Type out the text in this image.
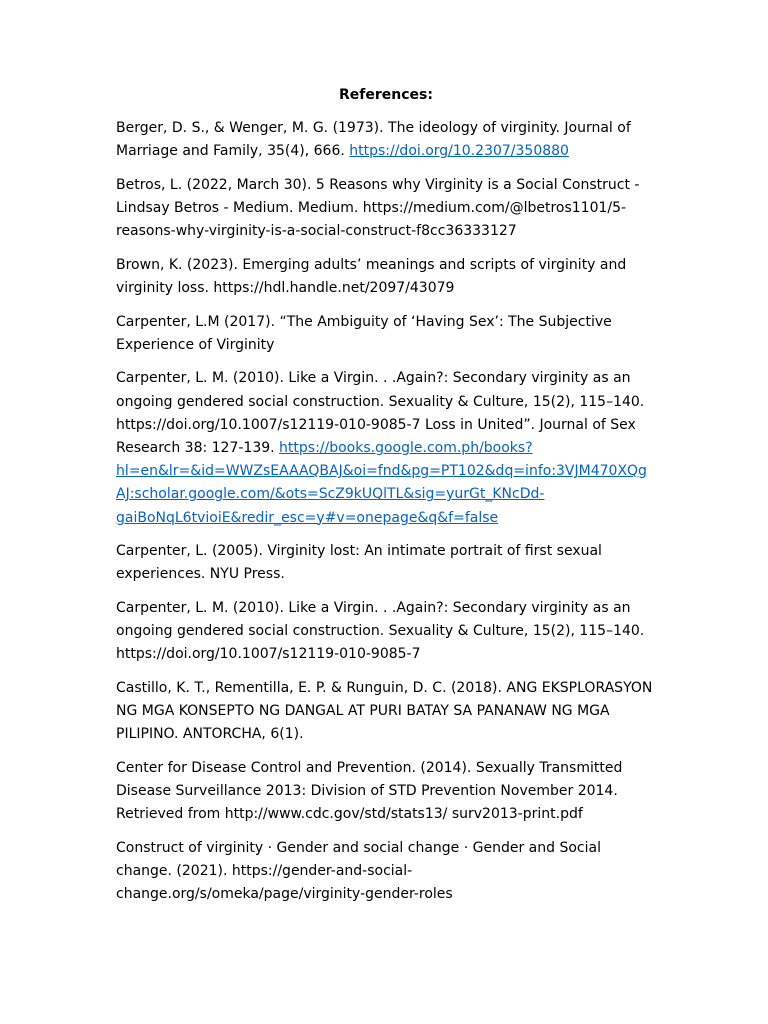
References:

Berger, D. S., & Wenger, M. G. (1973). The ideology of virginity. Journal of Marriage and Family, 35(4), 666. https://doi.org/10.2307/350880

Betros, L. (2022, March 30). 5 Reasons why Virginity is a Social Construct - Lindsay Betros - Medium. Medium. https://medium.com/@lbetros1101/5-reasons-why-virginity-is-a-social-construct-f8cc36333127

Brown, K. (2023). Emerging adults’ meanings and scripts of virginity and virginity loss. https://hdl.handle.net/2097/43079

Carpenter, L.M (2017). “The Ambiguity of ‘Having Sex’: The Subjective Experience of Virginity

Carpenter, L. M. (2010). Like a Virgin. . .Again?: Secondary virginity as an ongoing gendered social construction. Sexuality & Culture, 15(2), 115–140. https://doi.org/10.1007/s12119-010-9085-7 Loss in United”. Journal of Sex Research 38: 127-139. https://books.google.com.ph/books?hl=en&lr=&id=WWZsEAAAQBAJ&oi=fnd&pg=PT102&dq=info:3VJM470XQgAJ:scholar.google.com/&ots=ScZ9kUQlTL&sig=yurGt_KNcDd-gaiBoNqL6tvioiE&redir_esc=y#v=onepage&q&f=false

Carpenter, L. (2005). Virginity lost: An intimate portrait of first sexual experiences. NYU Press.

Carpenter, L. M. (2010). Like a Virgin. . .Again?: Secondary virginity as an ongoing gendered social construction. Sexuality & Culture, 15(2), 115–140. https://doi.org/10.1007/s12119-010-9085-7

Castillo, K. T., Rementilla, E. P. & Runguin, D. C. (2018). ANG EKSPLORASYON NG MGA KONSEPTO NG DANGAL AT PURI BATAY SA PANANAW NG MGA PILIPINO. ANTORCHA, 6(1).

Center for Disease Control and Prevention. (2014). Sexually Transmitted Disease Surveillance 2013: Division of STD Prevention November 2014. Retrieved from http://www.cdc.gov/std/stats13/ surv2013-print.pdf

Construct of virginity · Gender and social change · Gender and Social change. (2021). https://gender-and-social-change.org/s/omeka/page/virginity-gender-roles
